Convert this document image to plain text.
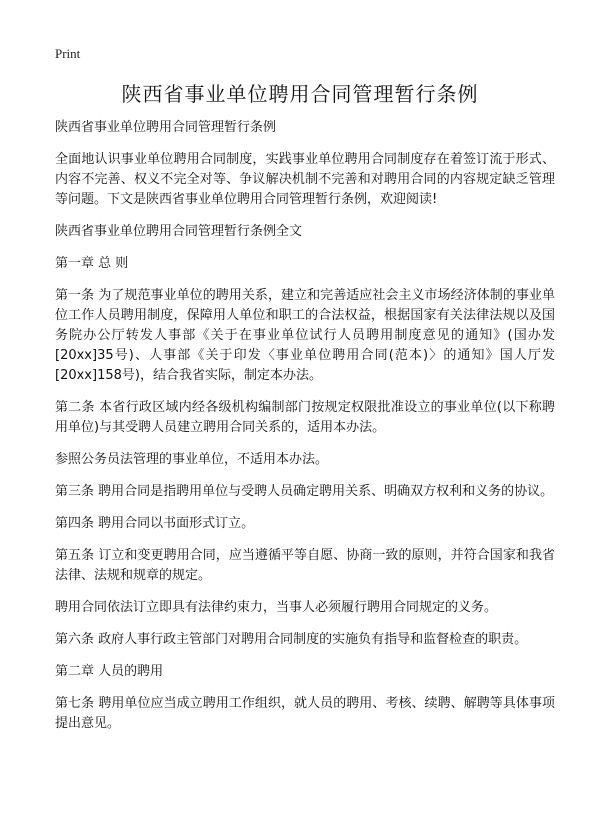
Print
陕西省事业单位聘用合同管理暂行条例

陕西省事业单位聘用合同管理暂行条例

全面地认识事业单位聘用合同制度，实践事业单位聘用合同制度存在着签订流于形式、内容不完善、权义不完全对等、争议解决机制不完善和对聘用合同的内容规定缺乏管理等问题。下文是陕西省事业单位聘用合同管理暂行条例，欢迎阅读!

陕西省事业单位聘用合同管理暂行条例全文

第一章 总 则

第一条 为了规范事业单位的聘用关系，建立和完善适应社会主义市场经济体制的事业单位工作人员聘用制度，保障用人单位和职工的合法权益，根据国家有关法律法规以及国务院办公厅转发人事部《关于在事业单位试行人员聘用制度意见的通知》(国办发[20xx]35号)、人事部《关于印发〈事业单位聘用合同(范本)〉的通知》国人厅发[20xx]158号)，结合我省实际，制定本办法。

第二条 本省行政区域内经各级机构编制部门按规定权限批准设立的事业单位(以下称聘用单位)与其受聘人员建立聘用合同关系的，适用本办法。

参照公务员法管理的事业单位，不适用本办法。

第三条 聘用合同是指聘用单位与受聘人员确定聘用关系、明确双方权利和义务的协议。

第四条 聘用合同以书面形式订立。

第五条 订立和变更聘用合同，应当遵循平等自愿、协商一致的原则，并符合国家和我省法律、法规和规章的规定。

聘用合同依法订立即具有法律约束力，当事人必须履行聘用合同规定的义务。

第六条 政府人事行政主管部门对聘用合同制度的实施负有指导和监督检查的职责。

第二章 人员的聘用

第七条 聘用单位应当成立聘用工作组织，就人员的聘用、考核、续聘、解聘等具体事项提出意见。
